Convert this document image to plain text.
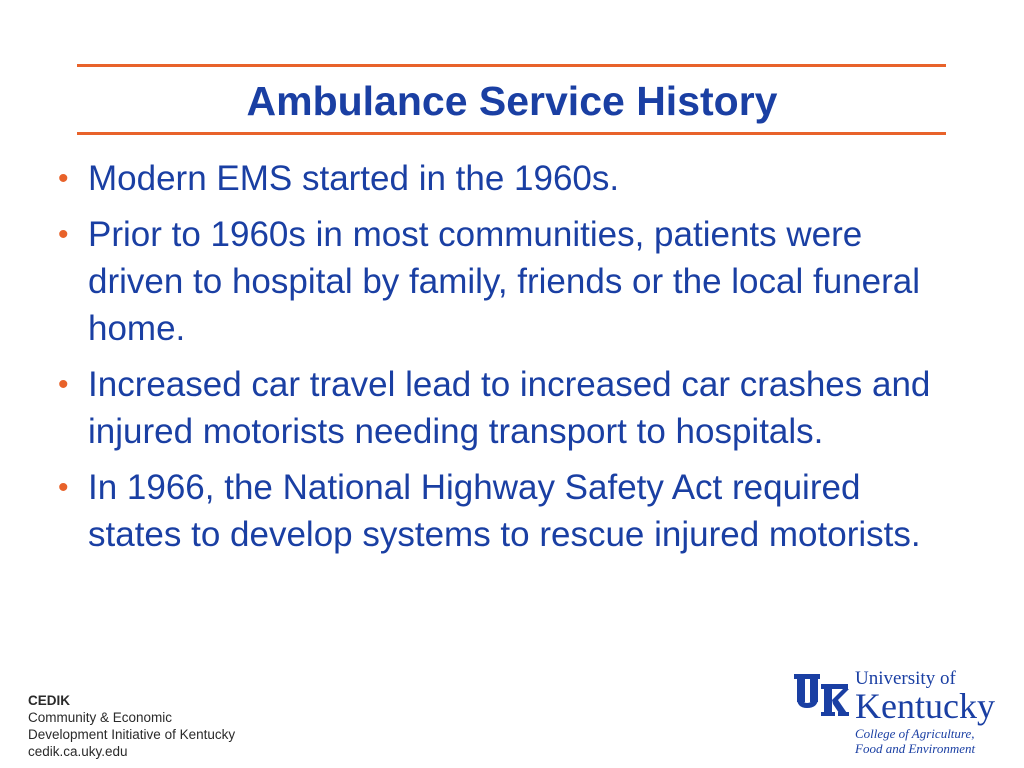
Ambulance Service History
• Modern EMS started in the 1960s.
• Prior to 1960s in most communities, patients were driven to hospital by family, friends or the local funeral home.
• Increased car travel lead to increased car crashes and injured motorists needing transport to hospitals.
• In 1966, the National Highway Safety Act required states to develop systems to rescue injured motorists.
CEDIK
Community & Economic
Development Initiative of Kentucky
cedik.ca.uky.edu
University of
Kentucky
College of Agriculture,
Food and Environment
